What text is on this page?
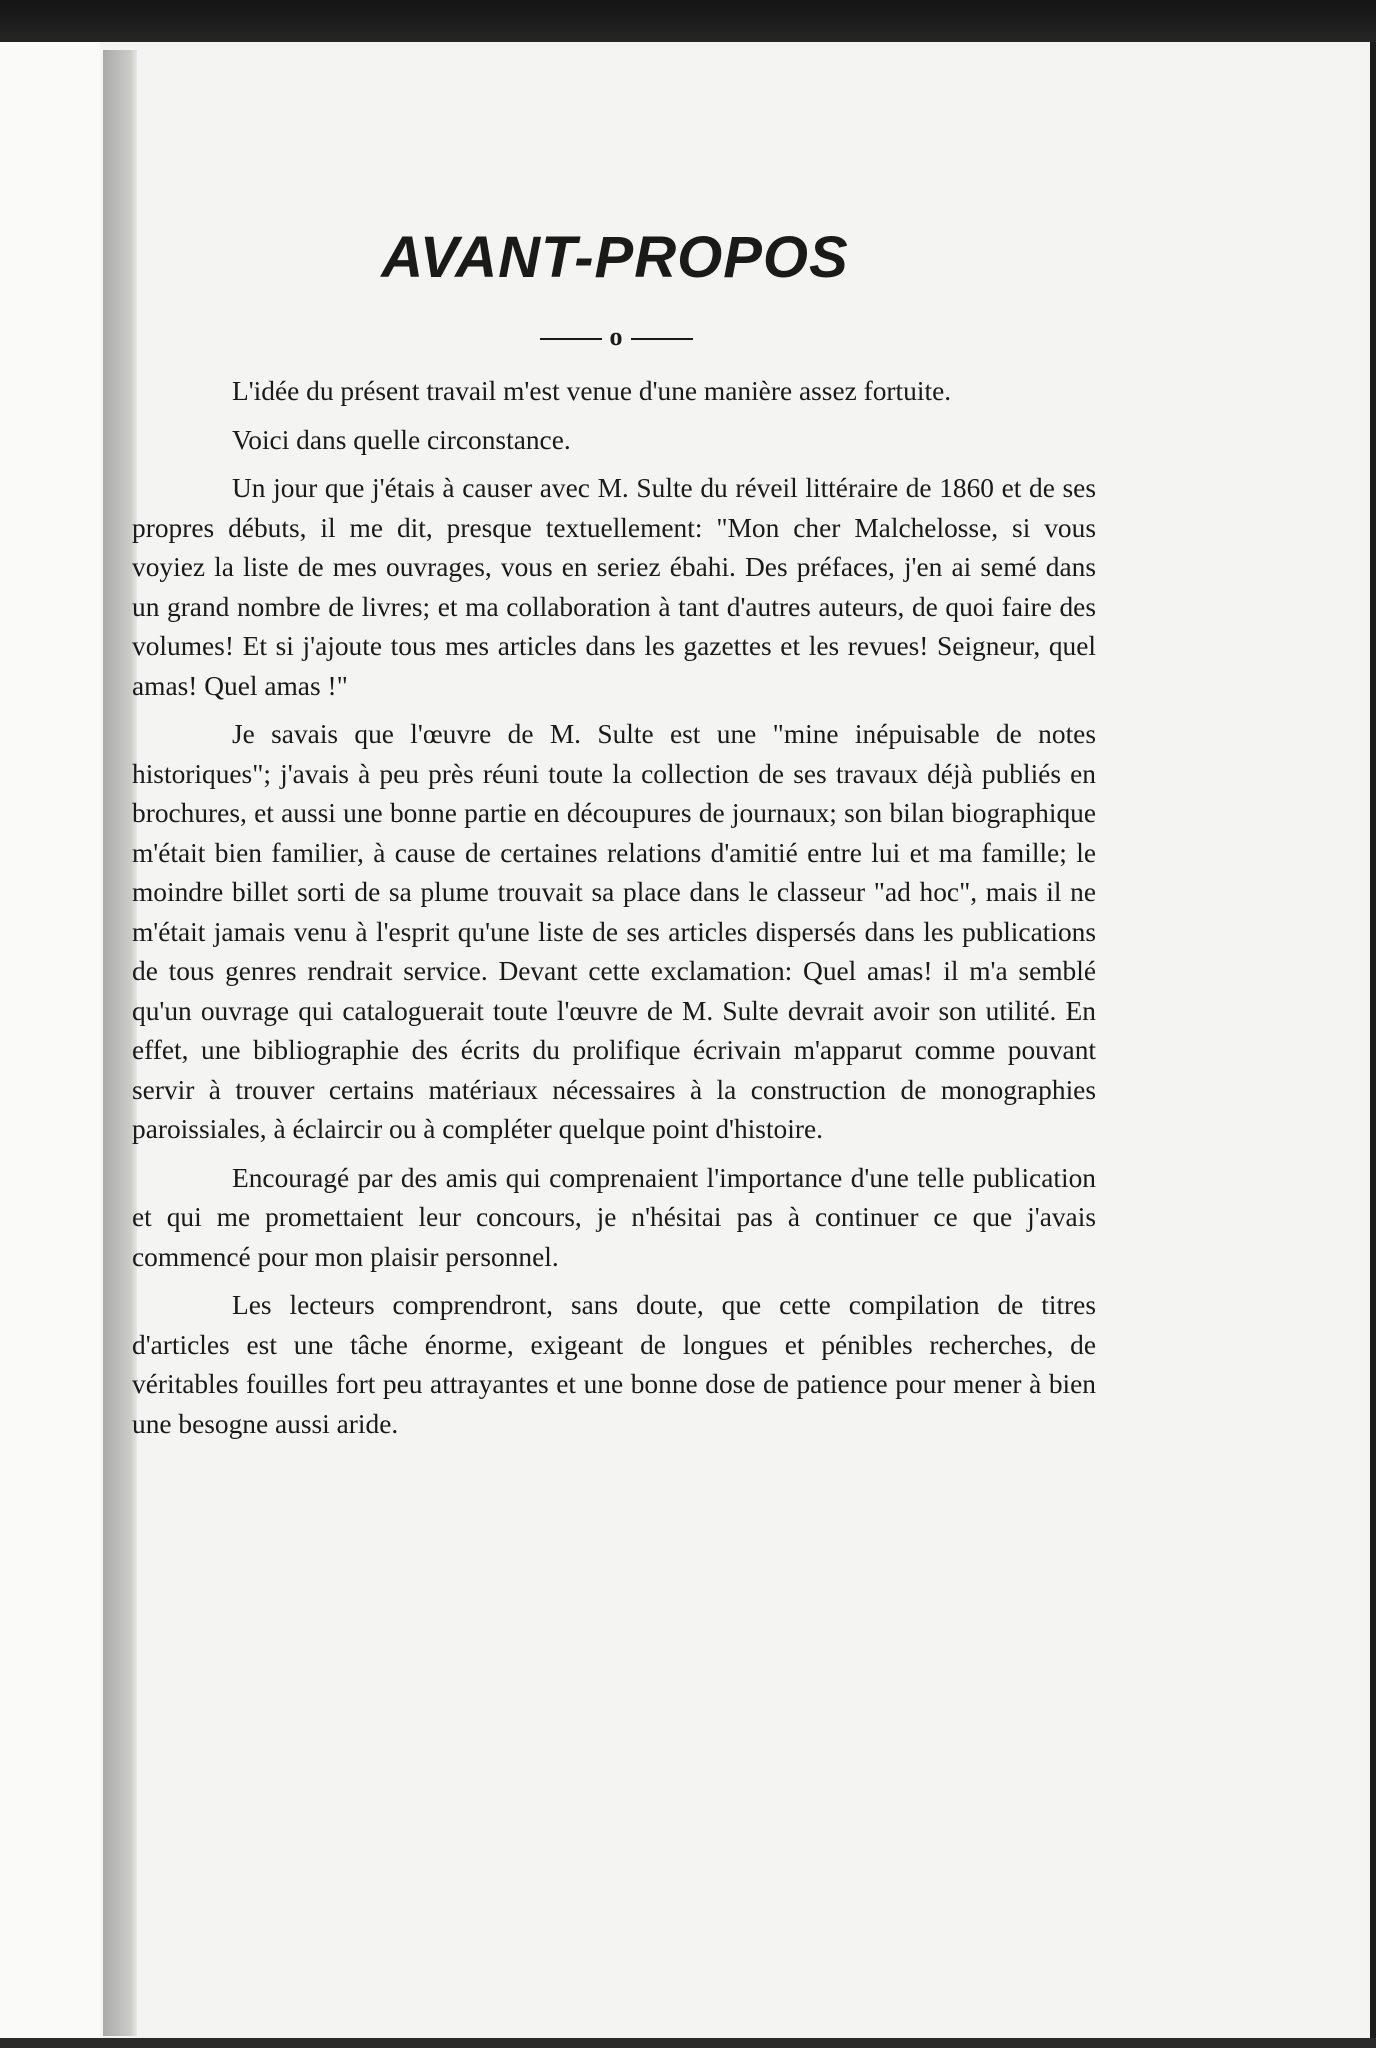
AVANT-PROPOS
o

L'idée du présent travail m'est venue d'une manière assez fortuite.

Voici dans quelle circonstance.

Un jour que j'étais à causer avec M. Sulte du réveil littéraire de 1860 et de ses propres débuts, il me dit, presque textuellement: "Mon cher Malchelosse, si vous voyiez la liste de mes ouvrages, vous en seriez ébahi. Des préfaces, j'en ai semé dans un grand nombre de livres; et ma collaboration à tant d'autres auteurs, de quoi faire des volumes! Et si j'ajoute tous mes articles dans les gazettes et les revues! Seigneur, quel amas! Quel amas !"

Je savais que l'œuvre de M. Sulte est une "mine inépuisable de notes historiques"; j'avais à peu près réuni toute la collection de ses travaux déjà publiés en brochures, et aussi une bonne partie en découpures de journaux; son bilan biographique m'était bien familier, à cause de certaines relations d'amitié entre lui et ma famille; le moindre billet sorti de sa plume trouvait sa place dans le classeur "ad hoc", mais il ne m'était jamais venu à l'esprit qu'une liste de ses articles dispersés dans les publications de tous genres rendrait service. Devant cette exclamation: Quel amas! il m'a semblé qu'un ouvrage qui cataloguerait toute l'œuvre de M. Sulte devrait avoir son utilité. En effet, une bibliographie des écrits du prolifique écrivain m'apparut comme pouvant servir à trouver certains matériaux nécessaires à la construction de monographies paroissiales, à éclaircir ou à compléter quelque point d'histoire.

Encouragé par des amis qui comprenaient l'importance d'une telle publication et qui me promettaient leur concours, je n'hésitai pas à continuer ce que j'avais commencé pour mon plaisir personnel.

Les lecteurs comprendront, sans doute, que cette compilation de titres d'articles est une tâche énorme, exigeant de longues et pénibles recherches, de véritables fouilles fort peu attrayantes et une bonne dose de patience pour mener à bien une besogne aussi aride.
